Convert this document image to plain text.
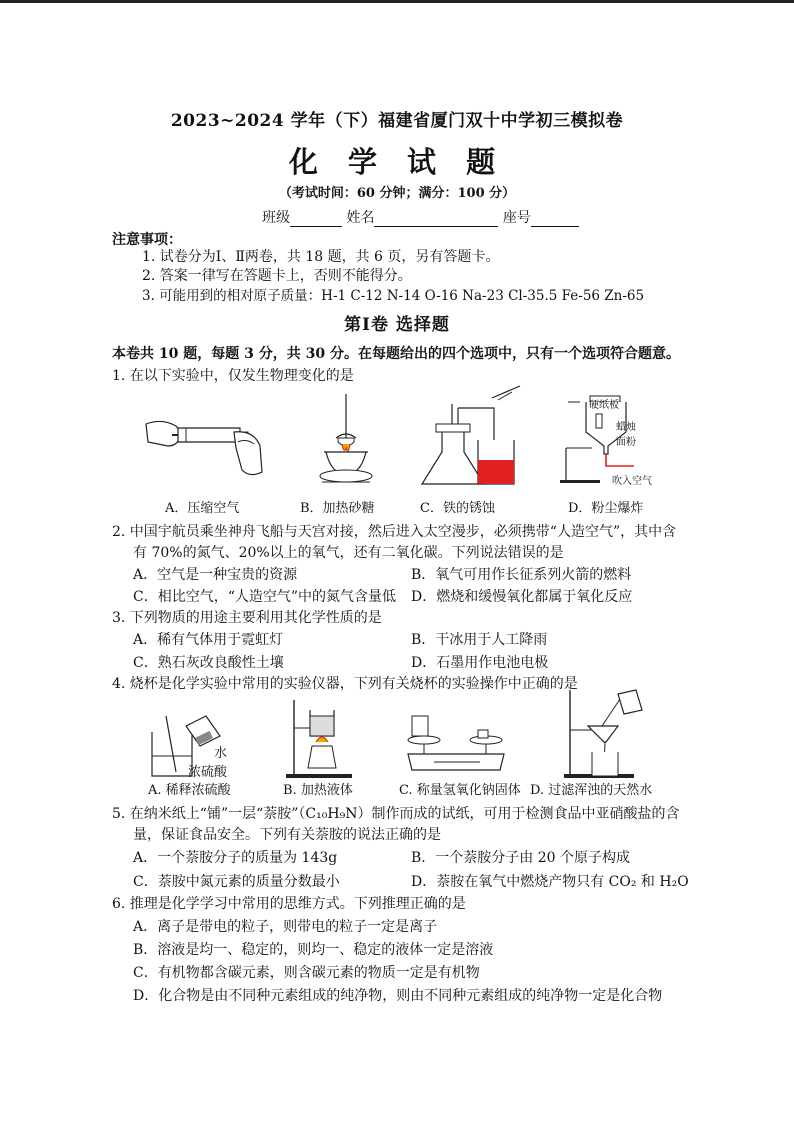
2023~2024 学年（下）福建省厦门双十中学初三模拟卷
化 学 试 题
（考试时间：60 分钟；满分：100 分）
班级	姓名	座号
注意事项：
1. 试卷分为Ⅰ、Ⅱ两卷，共 18 题，共 6 页，另有答题卡。
2. 答案一律写在答题卡上，否则不能得分。
3. 可能用到的相对原子质量：H-1 C-12 N-14 O-16 Na-23 Cl-35.5 Fe-56 Zn-65
第Ⅰ卷 选择题
本卷共 10 题，每题 3 分，共 30 分。在每题给出的四个选项中，只有一个选项符合题意。
1. 在以下实验中，仅发生物理变化的是
A．压缩空气	B．加热砂糖	C．铁的锈蚀
硬纸板
蜡烛
面粉
吹入空气
D．粉尘爆炸
2. 中国宇航员乘坐神舟飞船与天宫对接，然后进入太空漫步，必须携带“人造空气”，其中含
有 70%的氮气、20%以上的氧气，还有二氧化碳。下列说法错误的是
A．空气是一种宝贵的资源	B．氧气可用作长征系列火箭的燃料
C．相比空气，“人造空气”中的氮气含量低 D．燃烧和缓慢氧化都属于氧化反应
3. 下列物质的用途主要利用其化学性质的是
A．稀有气体用于霓虹灯	B．干冰用于人工降雨
C．熟石灰改良酸性土壤	D．石墨用作电池电极
4. 烧杯是化学实验中常用的实验仪器，下列有关烧杯的实验操作中正确的是
水
浓硫酸
A. 稀释浓硫酸	B. 加热液体	C. 称量氢氧化钠固体 D. 过滤浑浊的天然水
5. 在纳米纸上“铺”一层“萘胺”（C₁₀H₉N）制作而成的试纸，可用于检测食品中亚硝酸盐的含
量，保证食品安全。下列有关萘胺的说法正确的是
A．一个萘胺分子的质量为 143g	B．一个萘胺分子由 20 个原子构成
C．萘胺中氮元素的质量分数最小	D．萘胺在氧气中燃烧产物只有 CO₂ 和 H₂O
6. 推理是化学学习中常用的思维方式。下列推理正确的是
A．离子是带电的粒子，则带电的粒子一定是离子
B．溶液是均一、稳定的，则均一、稳定的液体一定是溶液
C．有机物都含碳元素，则含碳元素的物质一定是有机物
D．化合物是由不同种元素组成的纯净物，则由不同种元素组成的纯净物一定是化合物
